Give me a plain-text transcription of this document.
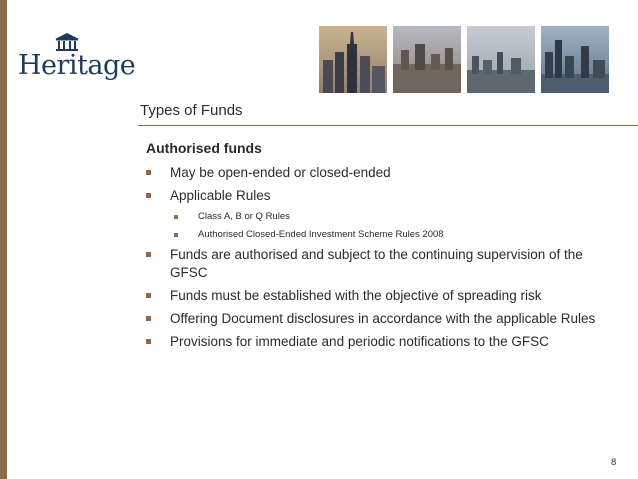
Heritage
Types of Funds
Authorised funds
May be open-ended or closed-ended
Applicable Rules
Class A, B or Q Rules
Authorised Closed-Ended Investment Scheme Rules 2008
Funds are authorised and subject to the continuing supervision of the GFSC
Funds must be established with the objective of spreading risk
Offering Document disclosures in accordance with the applicable Rules
Provisions for immediate and periodic notifications to the GFSC
8
